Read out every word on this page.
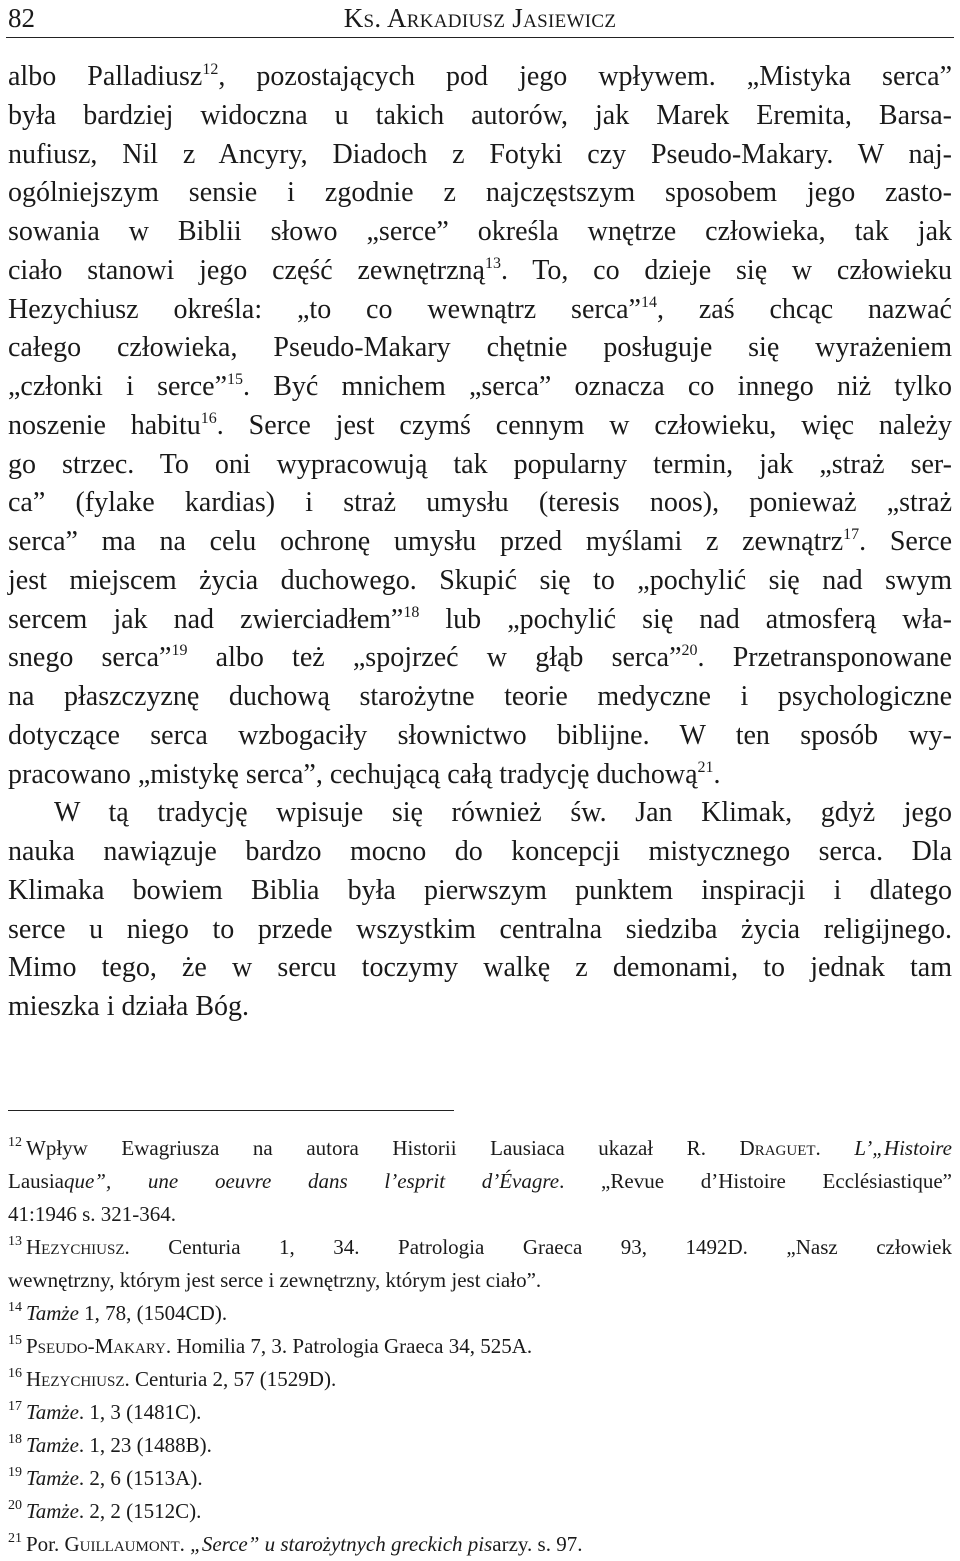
82	Ks. Arkadiusz Jasiewicz
albo Palladiusz$^{12}$, pozostających pod jego wpływem. „Mistyka serca”
była bardziej widoczna u takich autorów, jak Marek Eremita, Barsa-
nufiusz, Nil z Ancyry, Diadoch z Fotyki czy Pseudo-Makary. W naj-
ogólniejszym sensie i zgodnie z najczęstszym sposobem jego zasto-
sowania w Biblii słowo „serce” określa wnętrze człowieka, tak jak
ciało stanowi jego część zewnętrzną$^{13}$. To, co dzieje się w człowieku
Hezychiusz określa: „to co wewnątrz serca”$^{14}$, zaś chcąc nazwać
całego człowieka, Pseudo-Makary chętnie posługuje się wyrażeniem
„członki i serce”$^{15}$. Być mnichem „serca” oznacza co innego niż tylko
noszenie habitu$^{16}$. Serce jest czymś cennym w człowieku, więc należy
go strzec. To oni wypracowują tak popularny termin, jak „straż ser-
ca” (fylake kardias) i straż umysłu (teresis noos), ponieważ „straż
serca” ma na celu ochronę umysłu przed myślami z zewnątrz$^{17}$. Serce
jest miejscem życia duchowego. Skupić się to „pochylić się nad swym
sercem jak nad zwierciadłem”$^{18}$ lub „pochylić się nad atmosferą wła-
snego serca”$^{19}$ albo też „spojrzeć w głąb serca”$^{20}$. Przetransponowane
na płaszczyznę duchową starożytne teorie medyczne i psychologiczne
dotyczące serca wzbogaciły słownictwo biblijne. W ten sposób wy-
pracowano „mistykę serca”, cechującą całą tradycję duchową$^{21}$.
W tą tradycję wpisuje się również św. Jan Klimak, gdyż jego
nauka nawiązuje bardzo mocno do koncepcji mistycznego serca. Dla
Klimaka bowiem Biblia była pierwszym punktem inspiracji i dlatego
serce u niego to przede wszystkim centralna siedziba życia religijnego.
Mimo tego, że w sercu toczymy walkę z demonami, to jednak tam
mieszka i działa Bóg.
$^{12}$ Wpływ Ewagriusza na autora Historii Lausiaca ukazał R. Draguet. L’„Histoire
Lausiaque”, une oeuvre dans l’esprit d’Évagre. „Revue d’Histoire Ecclésiastique”
41:1946 s. 321-364.
$^{13}$ Hezychiusz. Centuria 1, 34. Patrologia Graeca 93, 1492D. „Nasz człowiek
wewnętrzny, którym jest serce i zewnętrzny, którym jest ciało”.
$^{14}$ Tamże 1, 78, (1504CD).
$^{15}$ Pseudo-Makary. Homilia 7, 3. Patrologia Graeca 34, 525A.
$^{16}$ Hezychiusz. Centuria 2, 57 (1529D).
$^{17}$ Tamże. 1, 3 (1481C).
$^{18}$ Tamże. 1, 23 (1488B).
$^{19}$ Tamże. 2, 6 (1513A).
$^{20}$ Tamże. 2, 2 (1512C).
$^{21}$ Por. Guillaumont. „Serce” u starożytnych greckich pisarzy. s. 97.
